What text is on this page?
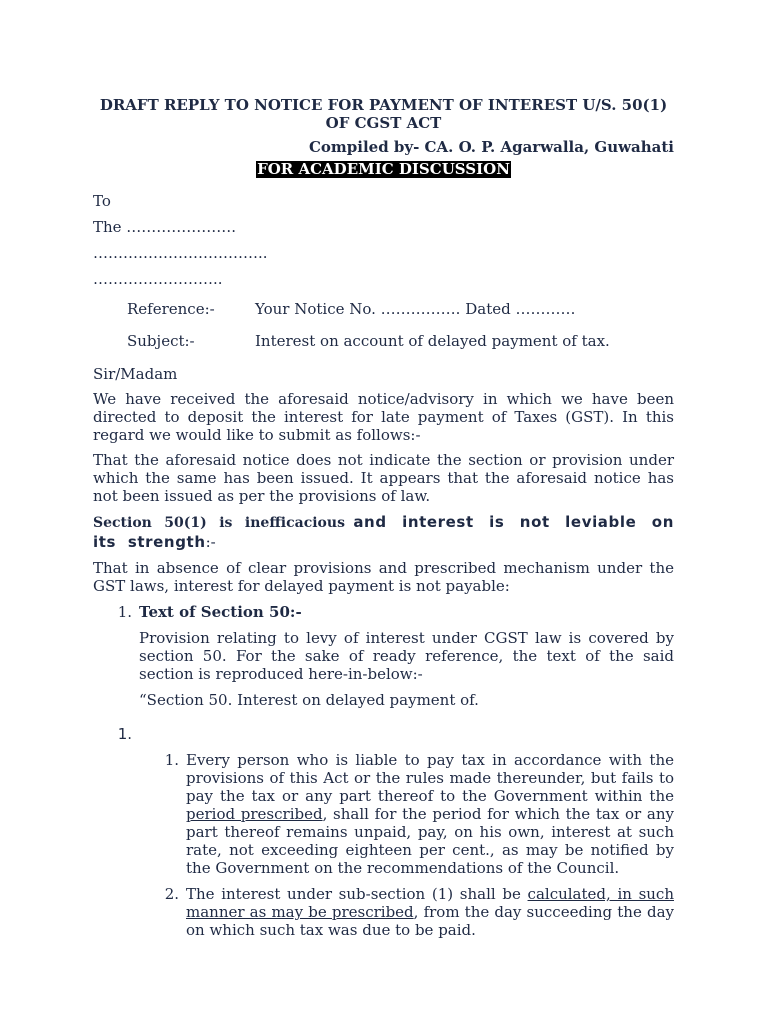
DRAFT REPLY TO NOTICE FOR PAYMENT OF INTEREST U/S. 50(1) OF CGST ACT

Compiled by- CA. O. P. Agarwalla, Guwahati
FOR ACADEMIC DISCUSSION
To
The ………………….
……………………………..
……………………..
Reference:-	Your Notice No. ……………. Dated …………
Subject:-	Interest on account of delayed payment of tax.
Sir/Madam
We have received the aforesaid notice/advisory in which we have been directed to deposit the interest for late payment of Taxes (GST). In this regard we would like to submit as follows:-
That the aforesaid notice does not indicate the section or provision under which the same has been issued. It appears that the aforesaid notice has not been issued as per the provisions of law.
Section 50(1) is inefficacious and interest is not leviable on its strength:-
That in absence of clear provisions and prescribed mechanism under the GST laws, interest for delayed payment is not payable:
1. Text of Section 50:-
Provision relating to levy of interest under CGST law is covered by section 50. For the sake of ready reference, the text of the said section is reproduced here-in-below:-
“Section 50. Interest on delayed payment of.
1.
1. Every person who is liable to pay tax in accordance with the provisions of this Act or the rules made thereunder, but fails to pay the tax or any part thereof to the Government within the period prescribed, shall for the period for which the tax or any part thereof remains unpaid, pay, on his own, interest at such rate, not exceeding eighteen per cent., as may be notified by the Government on the recommendations of the Council.
2. The interest under sub-section (1) shall be calculated, in such manner as may be prescribed, from the day succeeding the day on which such tax was due to be paid.
